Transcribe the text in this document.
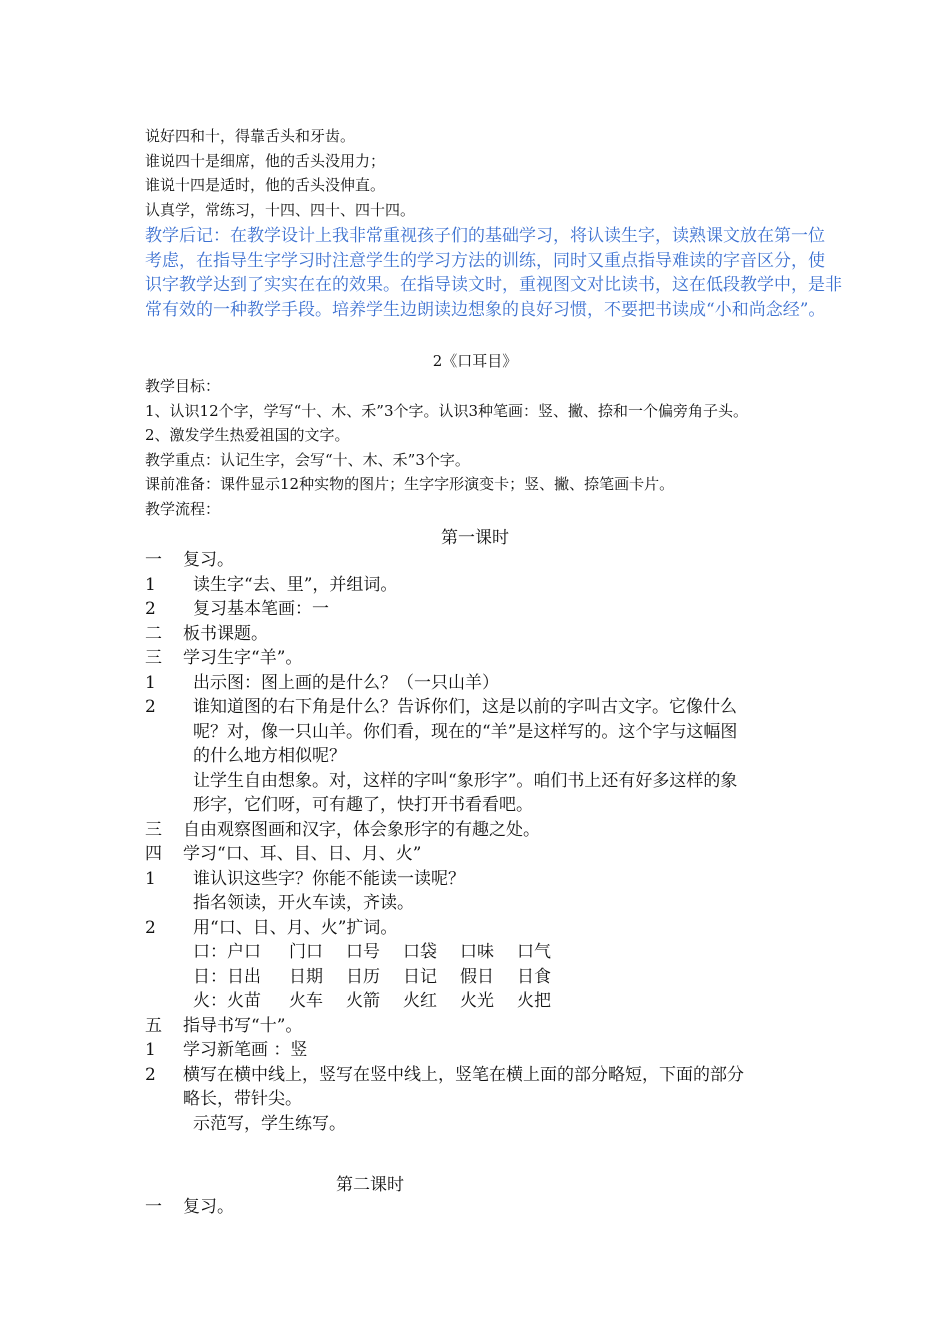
说好四和十，得靠舌头和牙齿。
谁说四十是细席，他的舌头没用力；
谁说十四是适时，他的舌头没伸直。
认真学，常练习，十四、四十、四十四。
教学后记：在教学设计上我非常重视孩子们的基础学习，将认读生字，读熟课文放在第一位
考虑，在指导生字学习时注意学生的学习方法的训练，同时又重点指导难读的字音区分，使
识字教学达到了实实在在的效果。在指导读文时，重视图文对比读书，这在低段教学中，是非
常有效的一种教学手段。培养学生边朗读边想象的良好习惯，不要把书读成“小和尚念经”。
2《口耳目》
教学目标：
1、认识12个字，学写“十、木、禾”3个字。认识3种笔画：竖、撇、捺和一个偏旁角子头。
2、激发学生热爱祖国的文字。
教学重点：认记生字，会写“十、木、禾”3个字。
课前准备：课件显示12种实物的图片；生字字形演变卡；竖、撇、捺笔画卡片。
教学流程：
第一课时
一	复习。
1	读生字“去、里”，并组词。
2	复习基本笔画：一
二	板书课题。
三	学习生字“羊”。
1	出示图：图上画的是什么？（一只山羊）
2	谁知道图的右下角是什么？告诉你们，这是以前的字叫古文字。它像什么
呢？对，像一只山羊。你们看，现在的“羊”是这样写的。这个字与这幅图
的什么地方相似呢？
让学生自由想象。对，这样的字叫“象形字”。咱们书上还有好多这样的象
形字，它们呀，可有趣了，快打开书看看吧。
三	自由观察图画和汉字，体会象形字的有趣之处。
四	学习“口、耳、目、日、月、火”
1	谁认识这些字？你能不能读一读呢？
指名领读，开火车读，齐读。
2	用“口、日、月、火”扩词。
口：户口 门口 口号 口袋 口味 口气
日：日出 日期 日历 日记 假日 日食
火：火苗 火车 火箭 火红 火光 火把
五	指导书写“十”。
1	学习新笔画 ：竖
2	横写在横中线上，竖写在竖中线上，竖笔在横上面的部分略短，下面的部分
略长，带针尖。
示范写，学生练写。
第二课时
一	复习。
